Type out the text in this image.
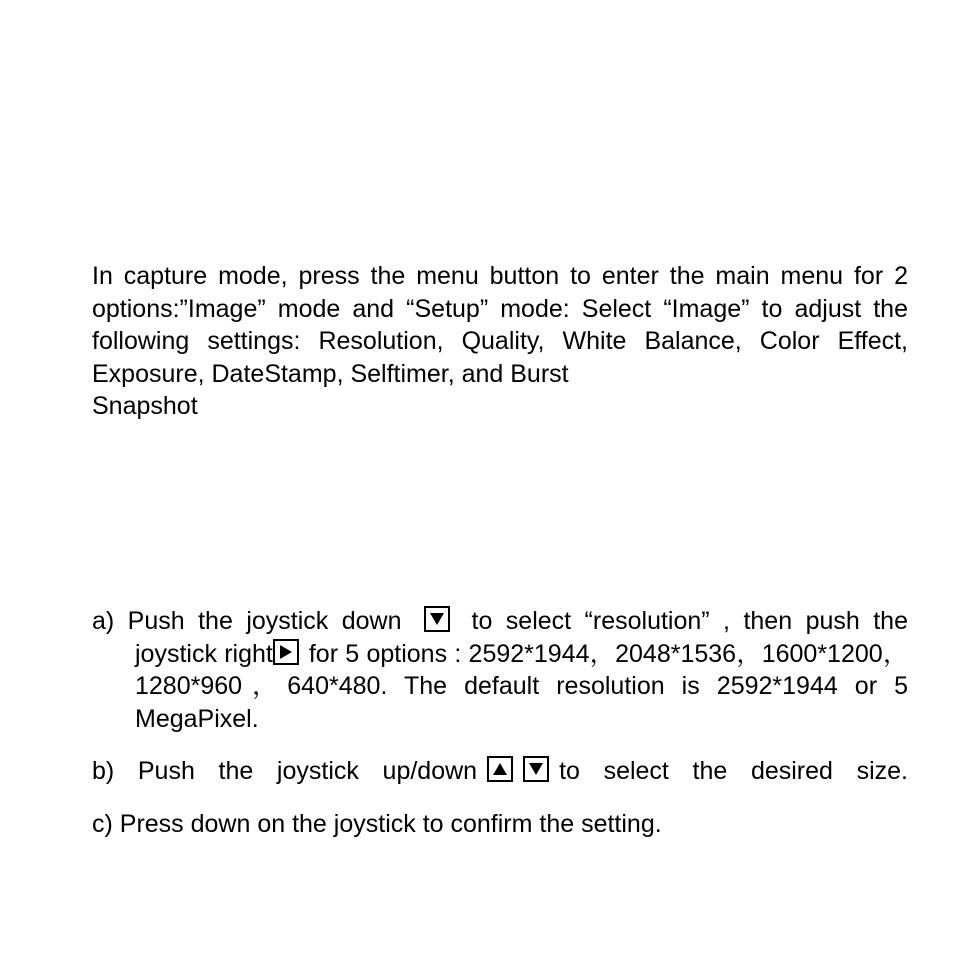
In capture mode, press the menu button to enter the main menu for 2 options:”Image” mode and “Setup” mode: Select “Image” to adjust the following settings: Resolution, Quality, White Balance, Color Effect, Exposure, DateStamp, Selftimer, and Burst
Snapshot

a) Push the joystick down	to select “resolution” , then push the joystick right for 5 options : 2592*1944，2048*1536，1600*1200，1280*960，640*480. The default resolution is 2592*1944 or 5 MegaPixel.
b) Push the joystick up/down	to select the desired size.
c) Press down on the joystick to confirm the setting.
